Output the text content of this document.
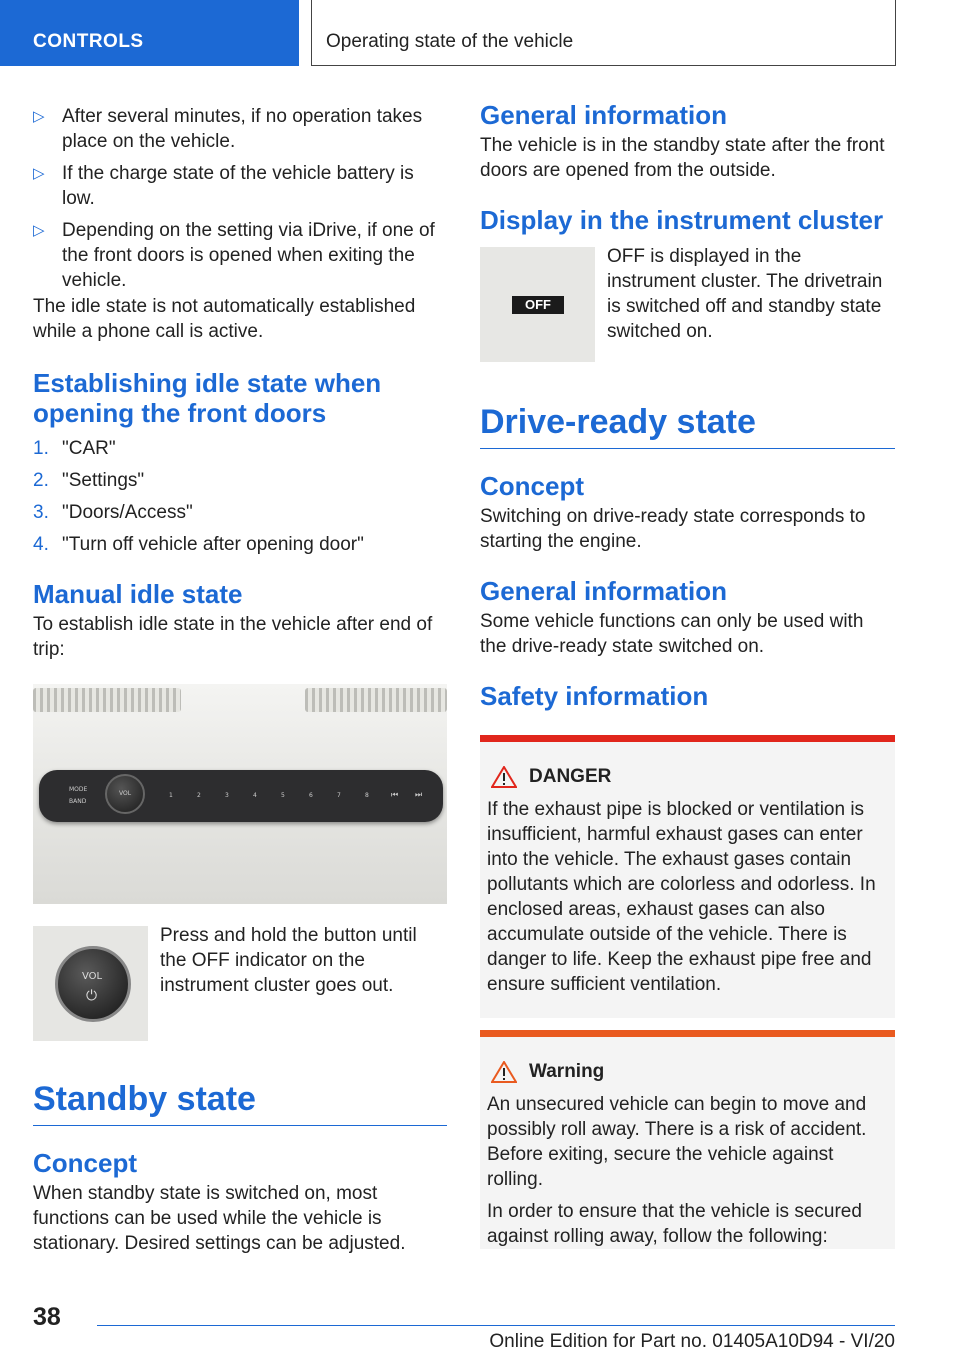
CONTROLS	Operating state of the vehicle
▷ After several minutes, if no operation takes place on the vehicle.
▷ If the charge state of the vehicle battery is low.
▷ Depending on the setting via iDrive, if one of the front doors is opened when exiting the vehicle.

The idle state is not automatically established while a phone call is active.

Establishing idle state when opening the front doors
1. "CAR"
2. "Settings"
3. "Doors/Access"
4. "Turn off vehicle after opening door"
Manual idle state

To establish idle state in the vehicle after end of trip:

MODE
BAND
VOL	1	2	3	4	5	6	7	8	⏮ ⏭
VOL
⏻

Press and hold the button until the OFF indicator on the instrument cluster goes out.

Standby state
Concept

When standby state is switched on, most functions can be used while the vehicle is stationary. Desired settings can be adjusted.

General information

The vehicle is in the standby state after the front doors are opened from the outside.

Display in the instrument cluster
OFF

OFF is displayed in the instrument cluster. The drivetrain is switched off and standby state switched on.

Drive-ready state
Concept

Switching on drive-ready state corresponds to starting the engine.

General information

Some vehicle functions can only be used with the drive-ready state switched on.

Safety information
DANGER

If the exhaust pipe is blocked or ventilation is insufficient, harmful exhaust gases can enter into the vehicle. The exhaust gases contain pollutants which are colorless and odorless. In enclosed areas, exhaust gases can also accumulate outside of the vehicle. There is danger to life. Keep the exhaust pipe free and ensure sufficient ventilation.

Warning

An unsecured vehicle can begin to move and possibly roll away. There is a risk of accident. Before exiting, secure the vehicle against rolling.

In order to ensure that the vehicle is secured against rolling away, follow the following:

38
Online Edition for Part no. 01405A10D94 - VI/20
